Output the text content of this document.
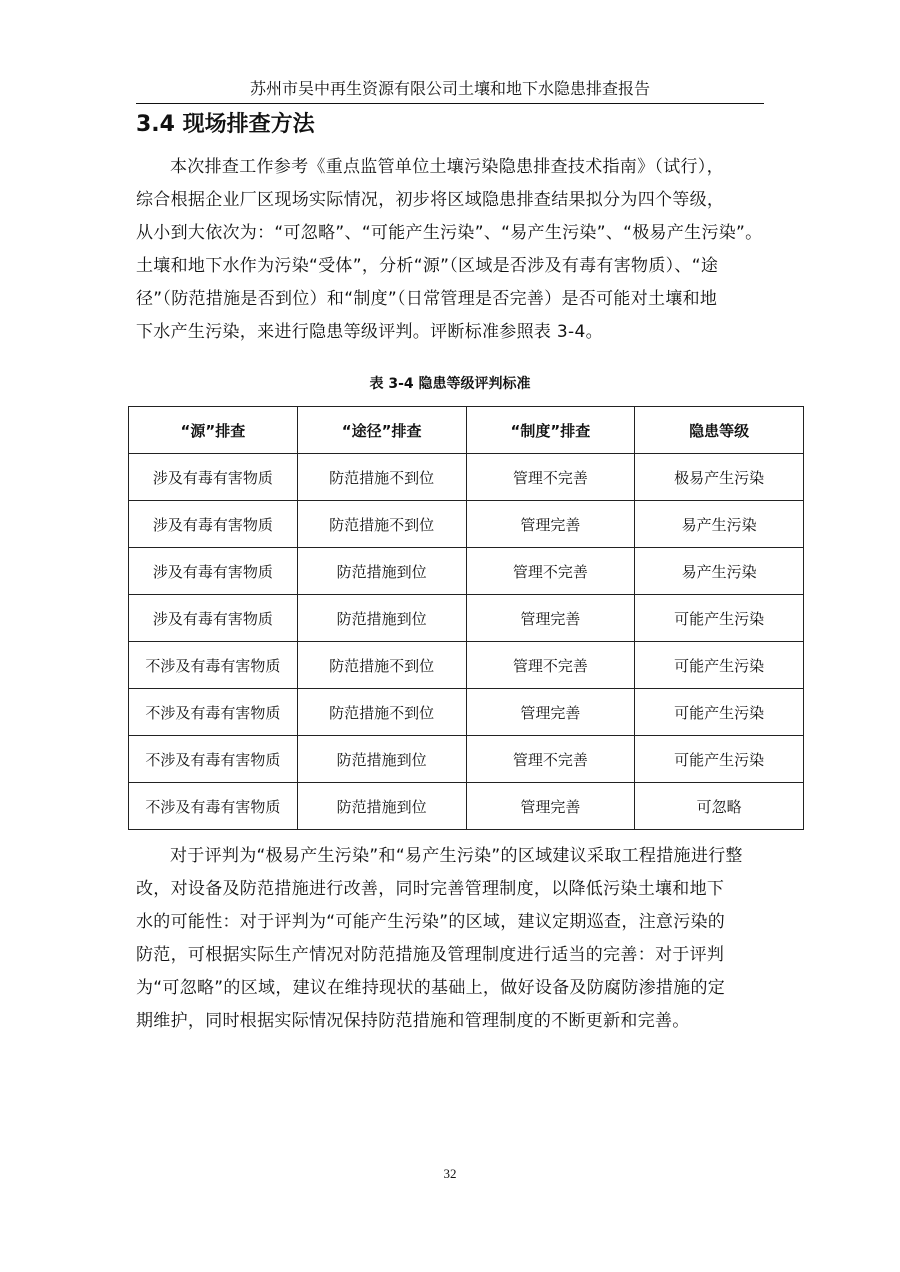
苏州市吴中再生资源有限公司土壤和地下水隐患排查报告
3.4 现场排查方法
本次排查工作参考《重点监管单位土壤污染隐患排查技术指南》（试行），
综合根据企业厂区现场实际情况，初步将区域隐患排查结果拟分为四个等级，
从小到大依次为：“可忽略”、“可能产生污染”、“易产生污染”、“极易产生污染”。
土壤和地下水作为污染“受体”，分析“源”（区域是否涉及有毒有害物质）、“途
径”（防范措施是否到位）和“制度”（日常管理是否完善）是否可能对土壤和地
下水产生污染，来进行隐患等级评判。评断标准参照表 3-4。
表 3-4 隐患等级评判标准
“源”排查	“途径”排查	“制度”排查	隐患等级
涉及有毒有害物质	防范措施不到位	管理不完善	极易产生污染
涉及有毒有害物质	防范措施不到位	管理完善	易产生污染
涉及有毒有害物质	防范措施到位	管理不完善	易产生污染
涉及有毒有害物质	防范措施到位	管理完善	可能产生污染
不涉及有毒有害物质	防范措施不到位	管理不完善	可能产生污染
不涉及有毒有害物质	防范措施不到位	管理完善	可能产生污染
不涉及有毒有害物质	防范措施到位	管理不完善	可能产生污染
不涉及有毒有害物质	防范措施到位	管理完善	可忽略
对于评判为“极易产生污染”和“易产生污染”的区域建议采取工程措施进行整
改，对设备及防范措施进行改善，同时完善管理制度，以降低污染土壤和地下
水的可能性：对于评判为“可能产生污染”的区域，建议定期巡查，注意污染的
防范，可根据实际生产情况对防范措施及管理制度进行适当的完善：对于评判
为“可忽略”的区域，建议在维持现状的基础上，做好设备及防腐防渗措施的定
期维护，同时根据实际情况保持防范措施和管理制度的不断更新和完善。
32
